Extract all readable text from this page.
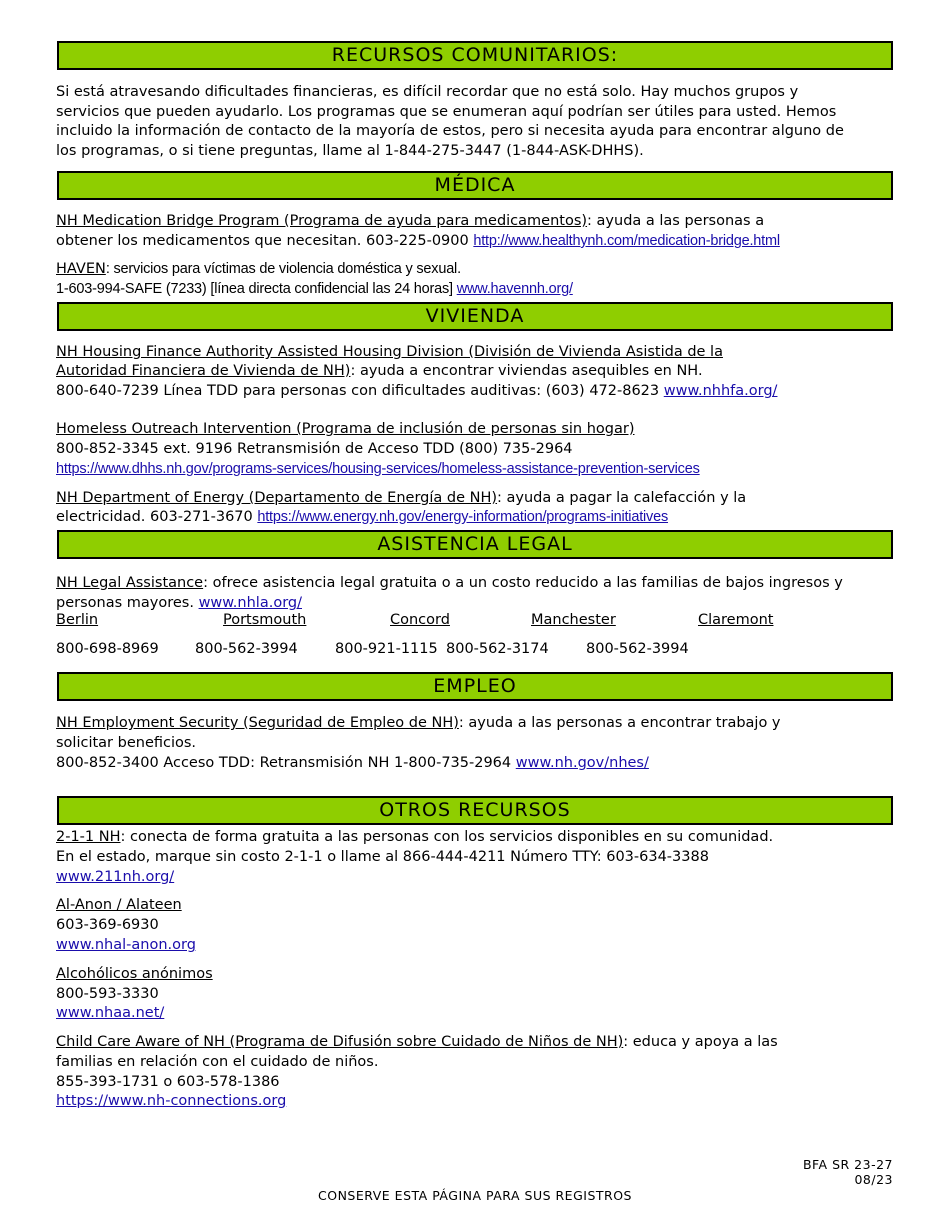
RECURSOS COMUNITARIOS:
Si está atravesando dificultades financieras, es difícil recordar que no está solo. Hay muchos grupos y
servicios que pueden ayudarlo. Los programas que se enumeran aquí podrían ser útiles para usted. Hemos
incluido la información de contacto de la mayoría de estos, pero si necesita ayuda para encontrar alguno de
los programas, o si tiene preguntas, llame al 1-844-275-3447 (1-844-ASK-DHHS).
MÉDICA
NH Medication Bridge Program (Programa de ayuda para medicamentos): ayuda a las personas a
obtener los medicamentos que necesitan. 603-225-0900 http://www.healthynh.com/medication-bridge.html
HAVEN: servicios para víctimas de violencia doméstica y sexual.
1-603-994-SAFE (7233) [línea directa confidencial las 24 horas] www.havennh.org/
VIVIENDA
NH Housing Finance Authority Assisted Housing Division (División de Vivienda Asistida de la
Autoridad Financiera de Vivienda de NH): ayuda a encontrar viviendas asequibles en NH.
800-640-7239 Línea TDD para personas con dificultades auditivas: (603) 472-8623 www.nhhfa.org/
Homeless Outreach Intervention (Programa de inclusión de personas sin hogar)
800-852-3345 ext. 9196 Retransmisión de Acceso TDD (800) 735-2964
https://www.dhhs.nh.gov/programs-services/housing-services/homeless-assistance-prevention-services
NH Department of Energy (Departamento de Energía de NH): ayuda a pagar la calefacción y la
electricidad. 603-271-3670 https://www.energy.nh.gov/energy-information/programs-initiatives
ASISTENCIA LEGAL
NH Legal Assistance: ofrece asistencia legal gratuita o a un costo reducido a las familias de bajos ingresos y
personas mayores. www.nhla.org/
Berlin	Portsmouth	Concord	Manchester	Claremont
800-698-8969	800-562-3994	800-921-1115 800-562-3174	800-562-3994
EMPLEO
NH Employment Security (Seguridad de Empleo de NH): ayuda a las personas a encontrar trabajo y
solicitar beneficios.
800-852-3400 Acceso TDD: Retransmisión NH 1-800-735-2964 www.nh.gov/nhes/
OTROS RECURSOS
2-1-1 NH: conecta de forma gratuita a las personas con los servicios disponibles en su comunidad.
En el estado, marque sin costo 2-1-1 o llame al 866-444-4211 Número TTY: 603-634-3388
www.211nh.org/
Al-Anon / Alateen
603-369-6930
www.nhal-anon.org
Alcohólicos anónimos
800-593-3330
www.nhaa.net/
Child Care Aware of NH (Programa de Difusión sobre Cuidado de Niños de NH): educa y apoya a las
familias en relación con el cuidado de niños.
855-393-1731 o 603-578-1386
https://www.nh-connections.org
BFA SR 23-27
08/23
CONSERVE ESTA PÁGINA PARA SUS REGISTROS
